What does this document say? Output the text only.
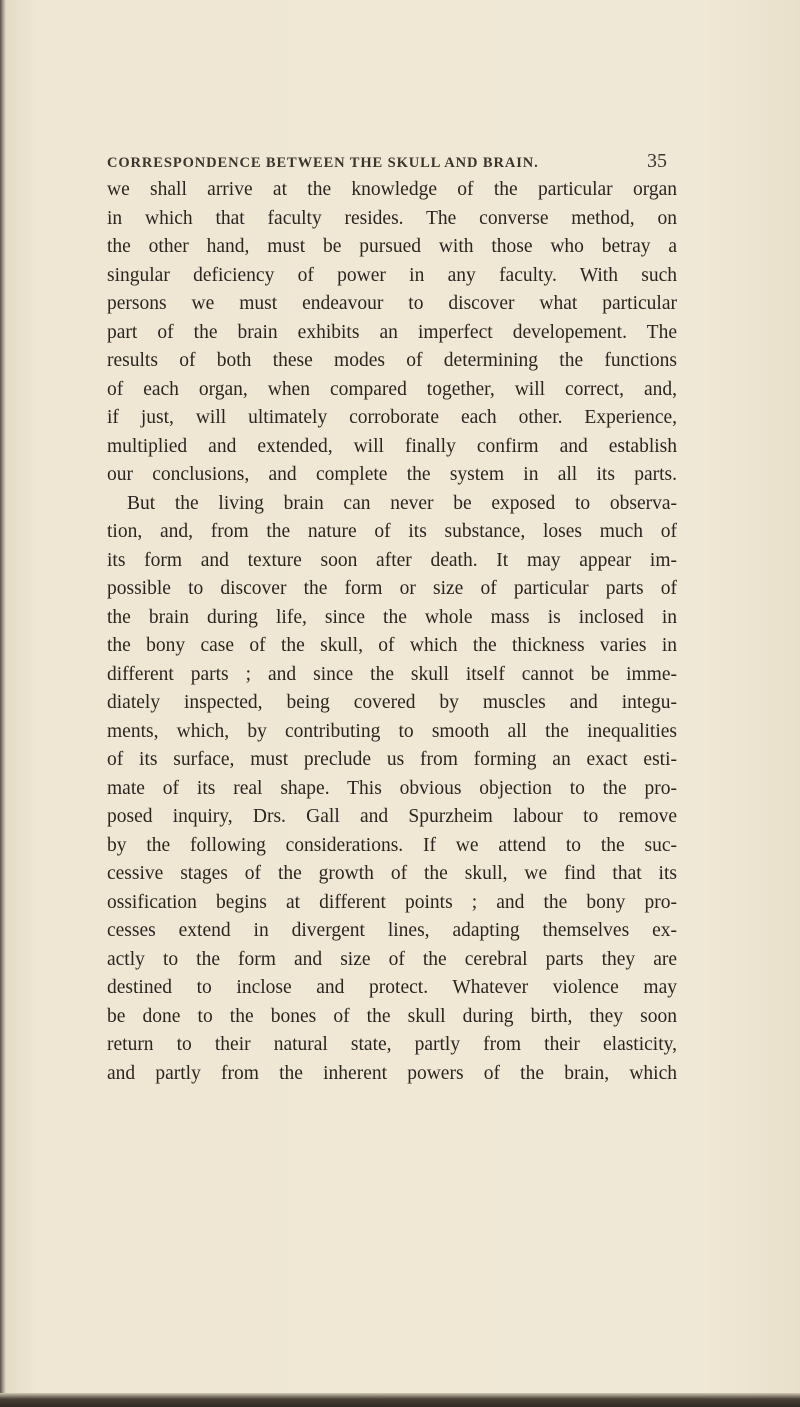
CORRESPONDENCE BETWEEN THE SKULL AND BRAIN.	35
we shall arrive at the knowledge of the particular organ
in which that faculty resides. The converse method, on
the other hand, must be pursued with those who betray a
singular deficiency of power in any faculty. With such
persons we must endeavour to discover what particular
part of the brain exhibits an imperfect developement. The
results of both these modes of determining the functions
of each organ, when compared together, will correct, and,
if just, will ultimately corroborate each other. Experience,
multiplied and extended, will finally confirm and establish
our conclusions, and complete the system in all its parts.
But the living brain can never be exposed to observa-
tion, and, from the nature of its substance, loses much of
its form and texture soon after death. It may appear im-
possible to discover the form or size of particular parts of
the brain during life, since the whole mass is inclosed in
the bony case of the skull, of which the thickness varies in
different parts ; and since the skull itself cannot be imme-
diately inspected, being covered by muscles and integu-
ments, which, by contributing to smooth all the inequalities
of its surface, must preclude us from forming an exact esti-
mate of its real shape. This obvious objection to the pro-
posed inquiry, Drs. Gall and Spurzheim labour to remove
by the following considerations. If we attend to the suc-
cessive stages of the growth of the skull, we find that its
ossification begins at different points ; and the bony pro-
cesses extend in divergent lines, adapting themselves ex-
actly to the form and size of the cerebral parts they are
destined to inclose and protect. Whatever violence may
be done to the bones of the skull during birth, they soon
return to their natural state, partly from their elasticity,
and partly from the inherent powers of the brain, which
